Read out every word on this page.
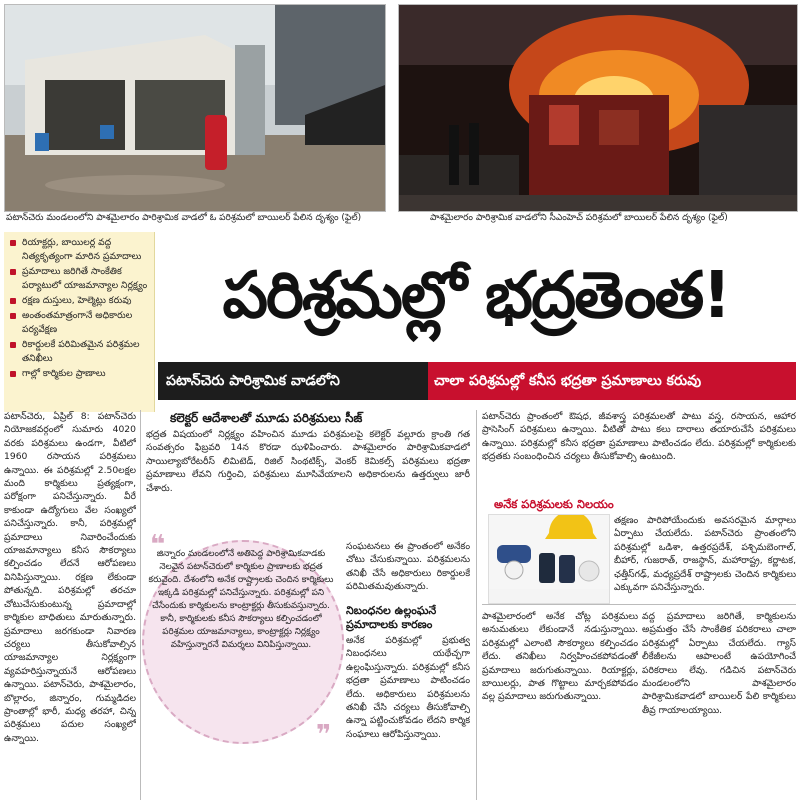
పటాన్‌చెరు మండలంలోని పాశమైలారం పారిశ్రామిక వాడలో ఓ పరిశ్రమలో బాయిలర్ పేలిన దృశ్యం (ఫైల్)	పాశమైలారం పారిశ్రామిక వాడలోని సీఎంహెచ్ పరిశ్రమలో బాయిలర్ పేలిన దృశ్యం (ఫైల్)
రియాక్టర్లు, బాయిలర్ల వద్ద నిత్యకృత్యంగా మారిన ప్రమాదాలు
ప్రమాదాలు జరిగితే సాంకేతిక పర్యాటులో యాజమాన్యాల నిర్లక్ష్యం
రక్షణ దుస్తులు, హెల్మెట్లు కరువు
అంతంతమాత్రంగానే అధికారుల పర్యవేక్షణ
రికార్డులకే పరిమితమైన పరిశ్రమల తనిఖీలు
గాల్లో కార్మికుల ప్రాణాలు
పరిశ్రమల్లో భద్రతెంత!
పటాన్‌చెరు పారిశ్రామిక వాడలోని	చాలా పరిశ్రమల్లో కనీస భద్రతా ప్రమాణాలు కరువు

పటాన్‌చెరు, ఏప్రిల్ 8: పటాన్‌చెరు నియోజకవర్గంలో సుమారు 4020 వరకు పరిశ్రమలు ఉండగా, వీటిలో 1960 రసాయన పరిశ్రమలు ఉన్నాయి. ఈ పరిశ్రమల్లో 2.50లక్షల మంది కార్మికులు ప్రత్యక్షంగా, పరోక్షంగా పనిచేస్తున్నారు. వీరే కాకుండా ఉద్యోగులు వేల సంఖ్యలో పనిచేస్తున్నారు. కానీ, పరిశ్రమల్లో ప్రమాదాలు నివారించేందుకు యాజమాన్యాలు కనీస సౌకర్యాలు కల్పించడం లేదనే ఆరోపణలు వినిపిస్తున్నాయి. రక్షణ లేకుండా పోతున్నది. పరిశ్రమల్లో తరచూ చోటుచేసుకుంటున్న ప్రమాదాల్లో కార్మికుల బాధితులు మారుతున్నారు. ప్రమాదాలు జరగకుండా నివారణ చర్యలు తీసుకోవాల్సిన యాజమాన్యాల నిర్లక్ష్యంగా వ్యవహరిస్తున్నాయనే ఆరోపణలు ఉన్నాయి. పటాన్‌చెరు, పాశమైలారం, బొల్లారం, జిన్నారం, గుమ్మడిదల ప్రాంతాల్లో భారీ, మధ్య తరహా, చిన్న పరిశ్రమలు పదుల సంఖ్యలో ఉన్నాయి.

కలెక్టర్ ఆదేశాలతో మూడు పరిశ్రమలు సీజ్

భద్రత విషయంలో నిర్లక్ష్యం వహించిన మూడు పరిశ్రమలపై కలెక్టర్ వల్లూరు క్రాంతి గత సంవత్సరం ఫిబ్రవరి 14న కొరడా ఝళిపించారు. పాశమైలారం పారిశ్రామికవాడలో సాయిల్యాబోరేటరీస్ లిమిటెడ్, రిజిల్ సింథటిక్స్, వెంకర్ కెమికల్స్ పరిశ్రమలు భద్రతా ప్రమాణాలు లేవని గుర్తించి, పరిశ్రమలు మూసివేయాలని అధికారులను ఉత్తర్వులు జారీ చేశారు.

❝
జిన్నారం మండలంలోనే అతిపెద్ద పారిశ్రామికవాడకు నెలవైన పటాన్‌చెరులో కార్మికుల ప్రాణాలకు భద్రత కరువైంది. దేశంలోని అనేక రాష్ట్రాలకు చెందిన కార్మికులు ఇక్కడి పరిశ్రమల్లో పనిచేస్తున్నారు. పరిశ్రమల్లో పని చేసేందుకు కార్మికులను కాంట్రాక్టర్లు తీసుకువస్తున్నారు. కానీ, కార్మికులకు కనీస సౌకర్యాలు కల్పించడంలో పరిశ్రమల యాజమాన్యాలు, కాంట్రాక్టర్లు నిర్లక్ష్యం వహిస్తున్నారనే విమర్శలు వినిపిస్తున్నాయి.
❞

సంఘటనలు ఈ ప్రాంతంలో అనేకం చోటు చేసుకున్నాయి. పరిశ్రమలను తనిఖీ చేసే అధికారులు రికార్డులకే పరిమితమవుతున్నారు.

నిబంధనల ఉల్లంఘనే ప్రమాదాలకు కారణం

అనేక పరిశ్రమల్లో ప్రభుత్వ నిబంధనలు యథేచ్ఛగా ఉల్లంఘిస్తున్నారు. పరిశ్రమల్లో కనీస భద్రతా ప్రమాణాలు పాటించడం లేదు. అధికారులు పరిశ్రమలను తనిఖీ చేసి చర్యలు తీసుకోవాల్సి ఉన్నా పట్టించుకోవడం లేదని కార్మిక సంఘాలు ఆరోపిస్తున్నాయి.

పటాన్‌చెరు ప్రాంతంలో ఔషధ, జీవశాస్త్ర పరిశ్రమలతో పాటు వస్త్ర, రసాయన, ఆహార ప్రాసెసింగ్ పరిశ్రమలు ఉన్నాయి. వీటితో పాటు కలు దారాలు తయారుచేసే పరిశ్రమలు ఉన్నాయి. పరిశ్రమల్లో కనీస భద్రతా ప్రమాణాలు పాటించడం లేదు. పరిశ్రమల్లో కార్మికులకు భద్రతకు సంబంధించిన చర్యలు తీసుకోవాల్సి ఉంటుంది.

అనేక పరిశ్రమలకు నిలయం

తక్షణం పారిపోయేందుకు అవసరమైన మార్గాలు ఏర్పాటు చేయలేదు. పటాన్‌చెరు ప్రాంతంలోని పరిశ్రమల్లో ఒడిశా, ఉత్తరప్రదేశ్, పశ్చిమబెంగాల్, బీహార్, గుజరాత్, రాజస్థాన్, మహారాష్ట్ర, కర్ణాటక, ఛత్తీస్‌గఢ్, మధ్యప్రదేశ్ రాష్ట్రాలకు చెందిన కార్మికులు ఎక్కువగా పనిచేస్తున్నారు.

పాశమైలారంలో అనేక చోట్ల పరిశ్రమలు అనుమతులు లేకుండానే నడుస్తున్నాయి. పరిశ్రమల్లో ఎలాంటి సౌకర్యాలు కల్పించడం లేదు. తనిఖీలు నిర్వహించకపోవడంతో ప్రమాదాలు జరుగుతున్నాయి. రియాక్టర్లు, బాయిలర్లు, పాత గొట్టాలు మార్చకపోవడం వల్ల ప్రమాదాలు జరుగుతున్నాయి.

వద్ద ప్రమాదాలు జరిగితే, కార్మికులను అప్రమత్తం చేసే సాంకేతిక పరికరాలు చాలా పరిశ్రమల్లో ఏర్పాటు చేయలేదు. గ్యాస్ లీకేజీలను ఆపాలంటే ఉపయోగించే పరికరాలు లేవు. గడిచిన పటాన్‌చెరు మండలంలోని పాశమైలారం పారిశ్రామికవాడలో బాయిలర్ పేలి కార్మికులు తీవ్ర గాయాలయ్యాయి.
